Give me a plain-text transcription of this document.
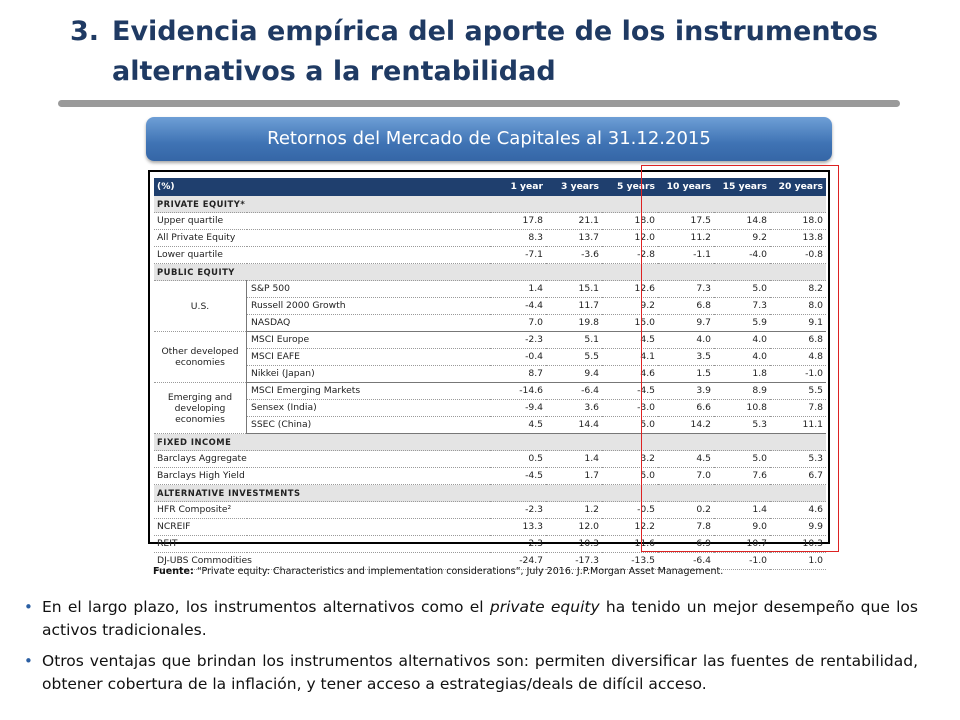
3. Evidencia empírica del aporte de los instrumentos
alternativos a la rentabilidad
Retornos del Mercado de Capitales al 31.12.2015
(%)		1 year	3 years	5 years	10 years	15 years	20 years
PRIVATE EQUITY*							
Upper quartile		17.8	21.1	18.0	17.5	14.8	18.0
All Private Equity		8.3	13.7	12.0	11.2	9.2	13.8
Lower quartile		-7.1	-3.6	-2.8	-1.1	-4.0	-0.8
PUBLIC EQUITY							
U.S.	S&P 500	1.4	15.1	12.6	7.3	5.0	8.2
	Russell 2000 Growth	-4.4	11.7	9.2	6.8	7.3	8.0
	NASDAQ	7.0	19.8	15.0	9.7	5.9	9.1
Other developed economies	MSCI Europe	-2.3	5.1	4.5	4.0	4.0	6.8
	MSCI EAFE	-0.4	5.5	4.1	3.5	4.0	4.8
	Nikkei (Japan)	8.7	9.4	4.6	1.5	1.8	-1.0
Emerging and developing economies	MSCI Emerging Markets	-14.6	-6.4	-4.5	3.9	8.9	5.5
	Sensex (India)	-9.4	3.6	-3.0	6.6	10.8	7.8
	SSEC (China)	4.5	14.4	5.0	14.2	5.3	11.1
FIXED INCOME							
Barclays Aggregate		0.5	1.4	3.2	4.5	5.0	5.3
Barclays High Yield		-4.5	1.7	5.0	7.0	7.6	6.7
ALTERNATIVE INVESTMENTS							
HFR Composite²		-2.3	1.2	-0.5	0.2	1.4	4.6
NCREIF		13.3	12.0	12.2	7.8	9.0	9.9
REIT		2.3	10.3	11.6	6.9	10.7	10.3
DJ-UBS Commodities		-24.7	-17.3	-13.5	-6.4	-1.0	1.0
Fuente: “Private equity: Characteristics and implementation considerations”, July 2016. J.P.Morgan Asset Management.
• En el largo plazo, los instrumentos alternativos como el private equity ha tenido un mejor desempeño que los activos tradicionales.
• Otros ventajas que brindan los instrumentos alternativos son: permiten diversificar las fuentes de rentabilidad, obtener cobertura de la inflación, y tener acceso a estrategias/deals de difícil acceso.
